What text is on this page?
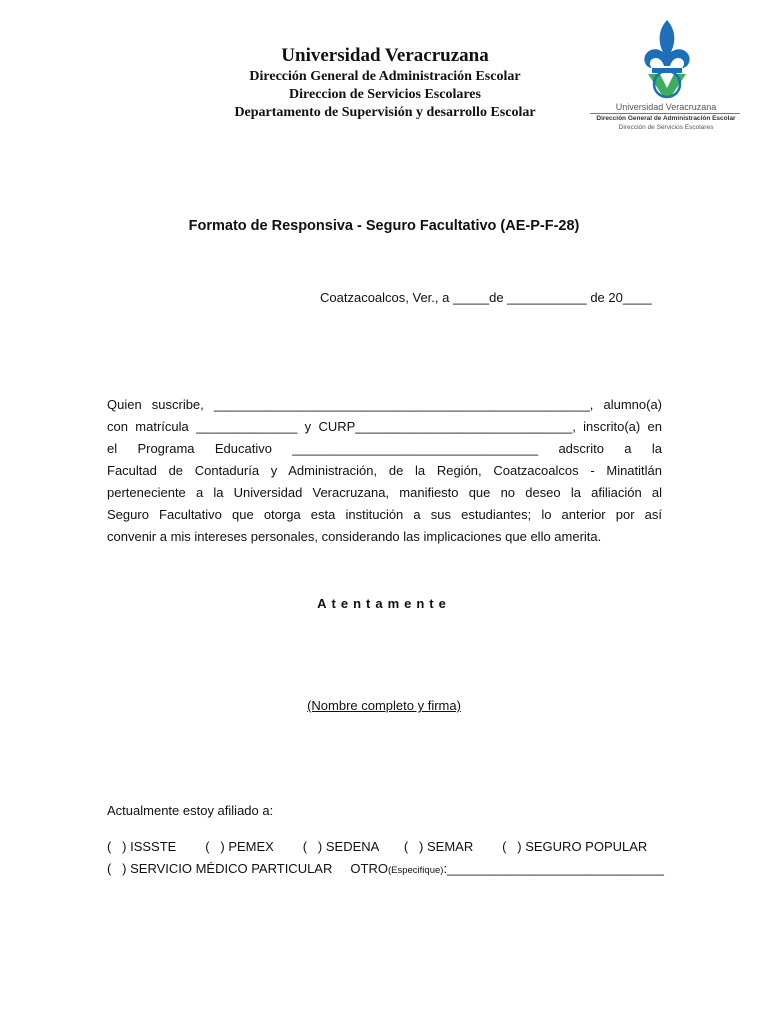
Universidad Veracruzana
Dirección General de Administración Escolar
Direccion de Servicios Escolares
Departamento de Supervisión y desarrollo Escolar	Universidad Veracruzana
Dirección General de Administración Escolar
Dirección de Servicios Escolares
Formato de Responsiva - Seguro Facultativo (AE-P-F-28)
Coatzacoalcos, Ver., a _____de ___________ de 20____
Quien suscribe, ____________________________________________________, alumno(a)
con matrícula ______________ y CURP______________________________, inscrito(a) en
el Programa Educativo __________________________________ adscrito a la
Facultad de Contaduría y Administración, de la Región, Coatzacoalcos - Minatitlán
perteneciente a la Universidad Veracruzana, manifiesto que no deseo la afiliación al
Seguro Facultativo que otorga esta institución a sus estudiantes; lo anterior por así
convenir a mis intereses personales, considerando las implicaciones que ello amerita.
Atentamente
(Nombre completo y firma)
Actualmente estoy afiliado a:
(   ) ISSSTE        (   ) PEMEX        (   ) SEDENA       (   ) SEMAR        (   ) SEGURO POPULAR
(   ) SERVICIO MÉDICO PARTICULAR     OTRO(Especifique):______________________________
